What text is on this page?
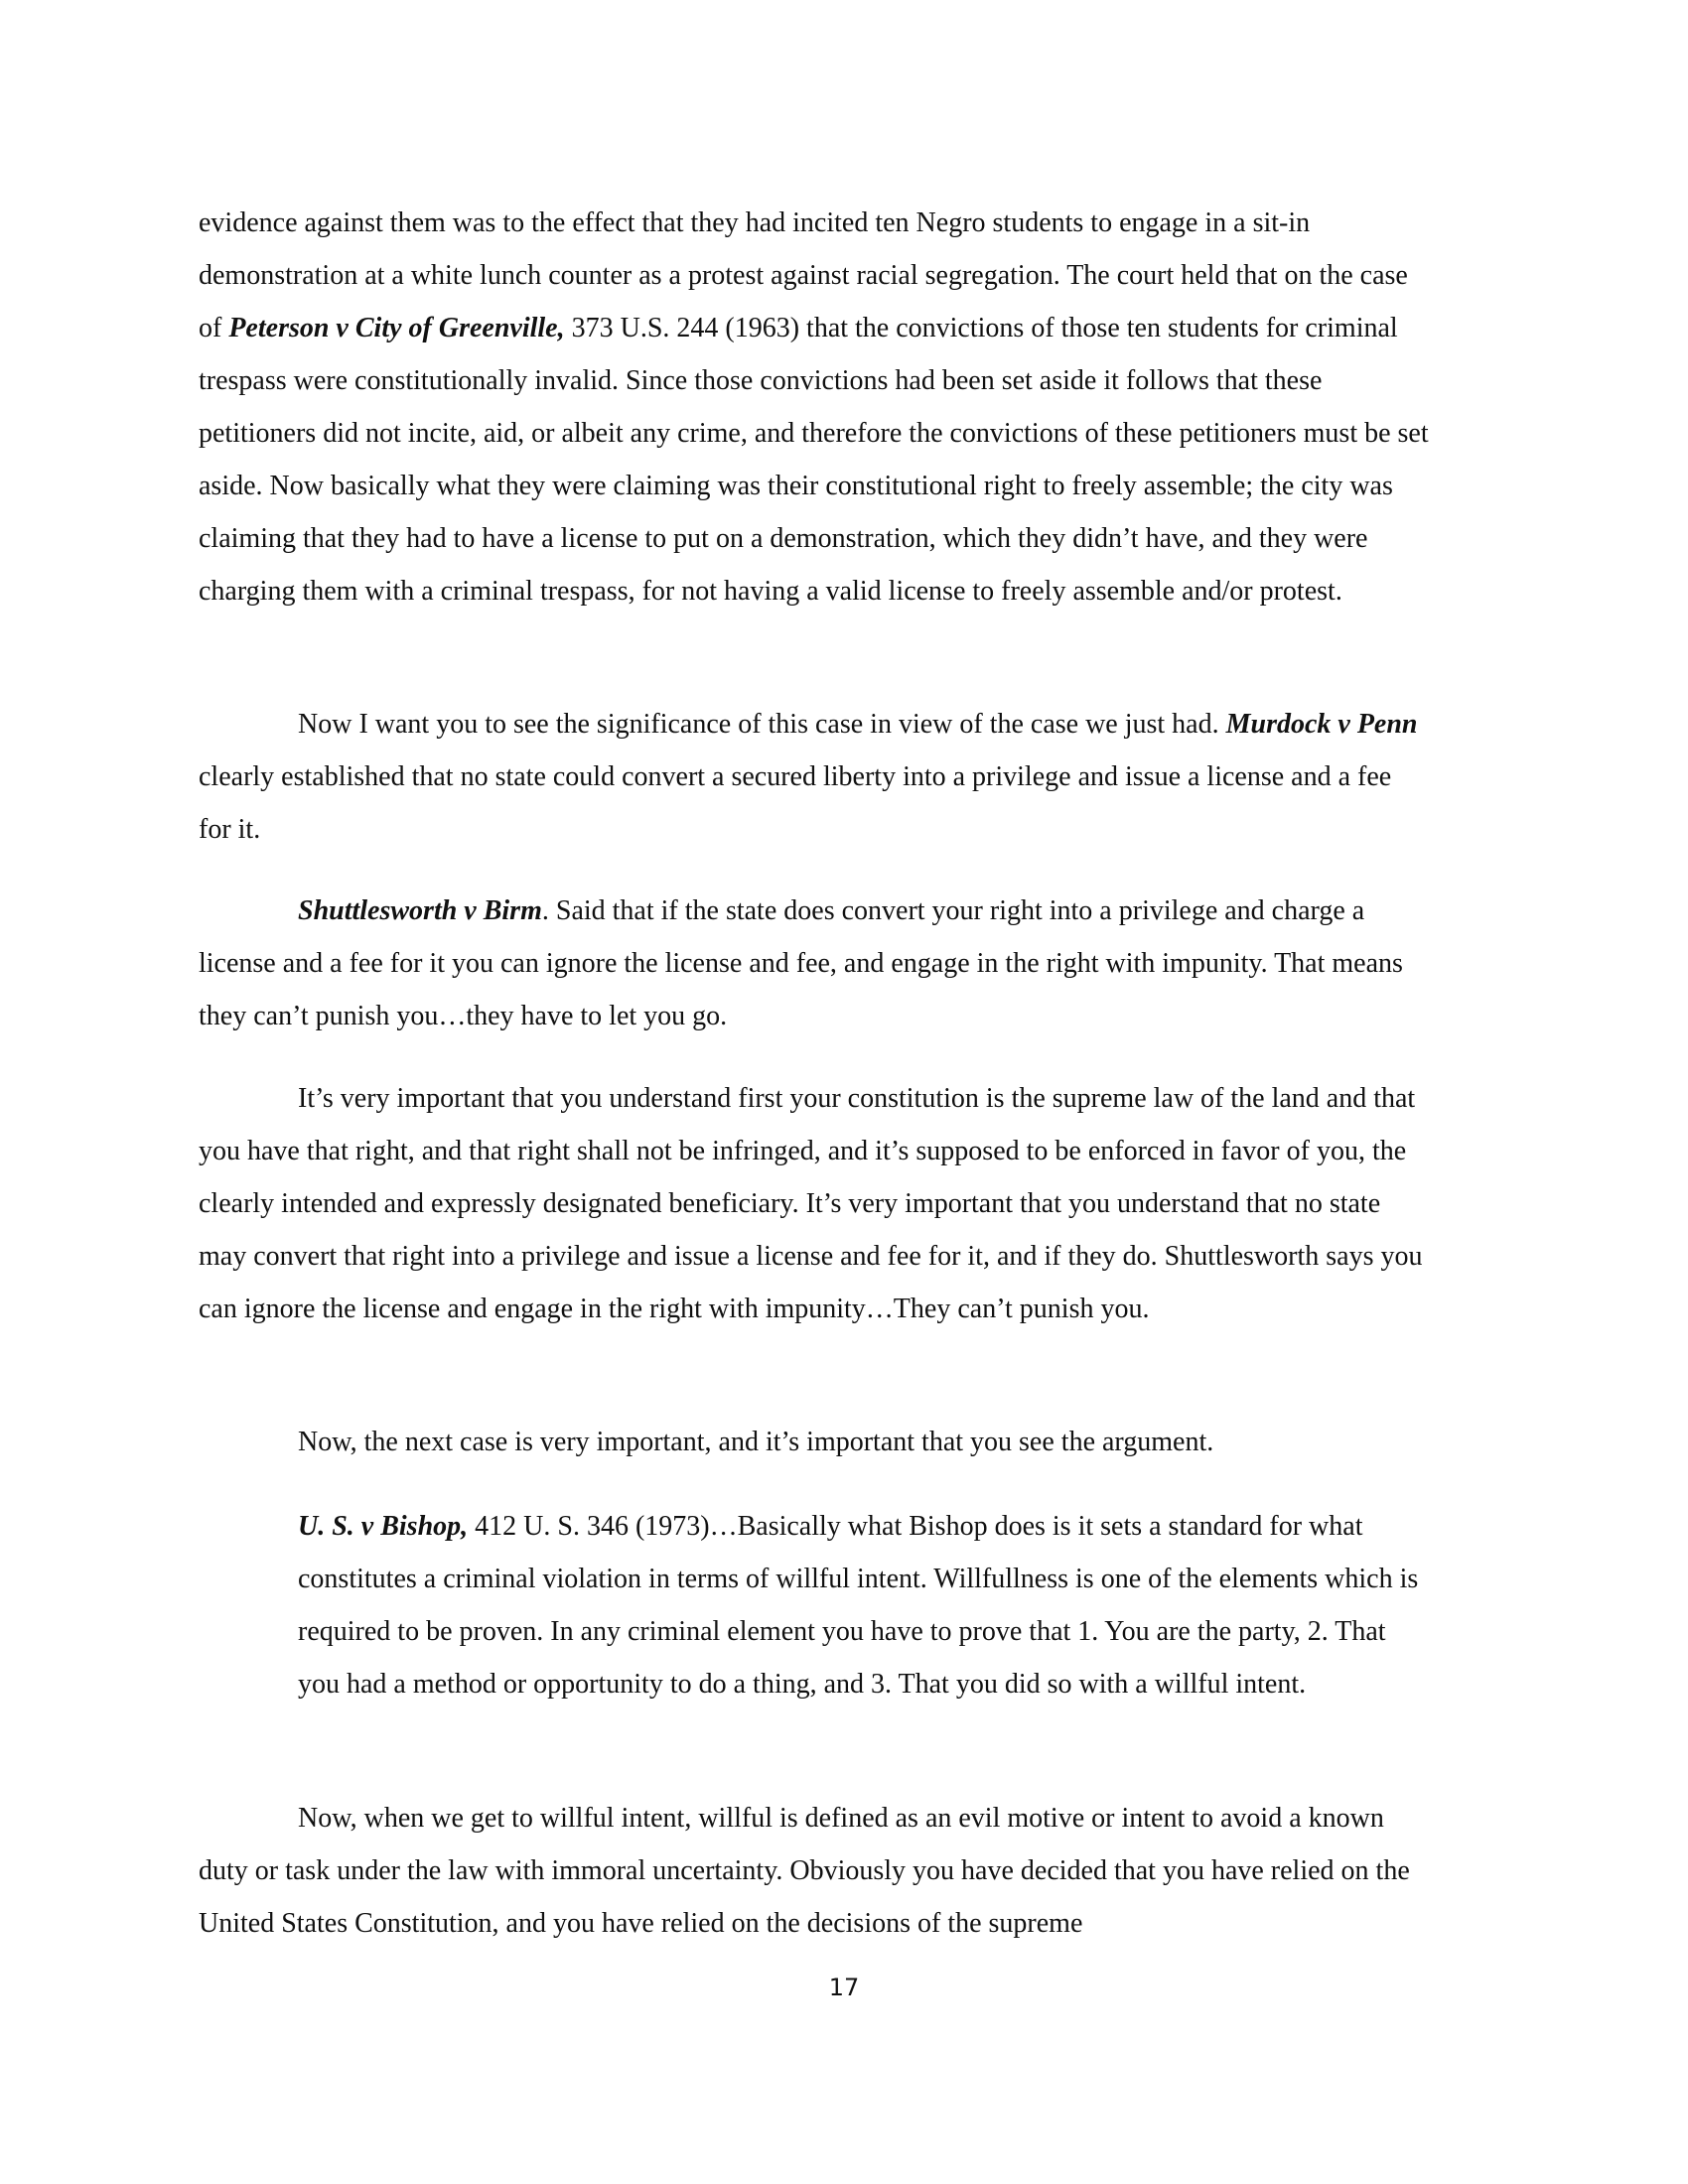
evidence against them was to the effect that they had incited ten Negro students to engage in a sit-in demonstration at a white lunch counter as a protest against racial segregation. The court held that on the case of Peterson v City of Greenville, 373 U.S. 244 (1963) that the convictions of those ten students for criminal trespass were constitutionally invalid. Since those convictions had been set aside it follows that these petitioners did not incite, aid, or albeit any crime, and therefore the convictions of these petitioners must be set aside. Now basically what they were claiming was their constitutional right to freely assemble; the city was claiming that they had to have a license to put on a demonstration, which they didn’t have, and they were charging them with a criminal trespass, for not having a valid license to freely assemble and/or protest.

Now I want you to see the significance of this case in view of the case we just had. Murdock v Penn clearly established that no state could convert a secured liberty into a privilege and issue a license and a fee for it.

Shuttlesworth v Birm. Said that if the state does convert your right into a privilege and charge a license and a fee for it you can ignore the license and fee, and engage in the right with impunity. That means they can’t punish you…they have to let you go.

It’s very important that you understand first your constitution is the supreme law of the land and that you have that right, and that right shall not be infringed, and it’s supposed to be enforced in favor of you, the clearly intended and expressly designated beneficiary. It’s very important that you understand that no state may convert that right into a privilege and issue a license and fee for it, and if they do. Shuttlesworth says you can ignore the license and engage in the right with impunity…They can’t punish you.

Now, the next case is very important, and it’s important that you see the argument.

U. S. v Bishop, 412 U. S. 346 (1973)…Basically what Bishop does is it sets a standard for what constitutes a criminal violation in terms of willful intent. Willfullness is one of the elements which is required to be proven. In any criminal element you have to prove that 1. You are the party, 2. That you had a method or opportunity to do a thing, and 3. That you did so with a willful intent.

Now, when we get to willful intent, willful is defined as an evil motive or intent to avoid a known duty or task under the law with immoral uncertainty. Obviously you have decided that you have relied on the United States Constitution, and you have relied on the decisions of the supreme

17
